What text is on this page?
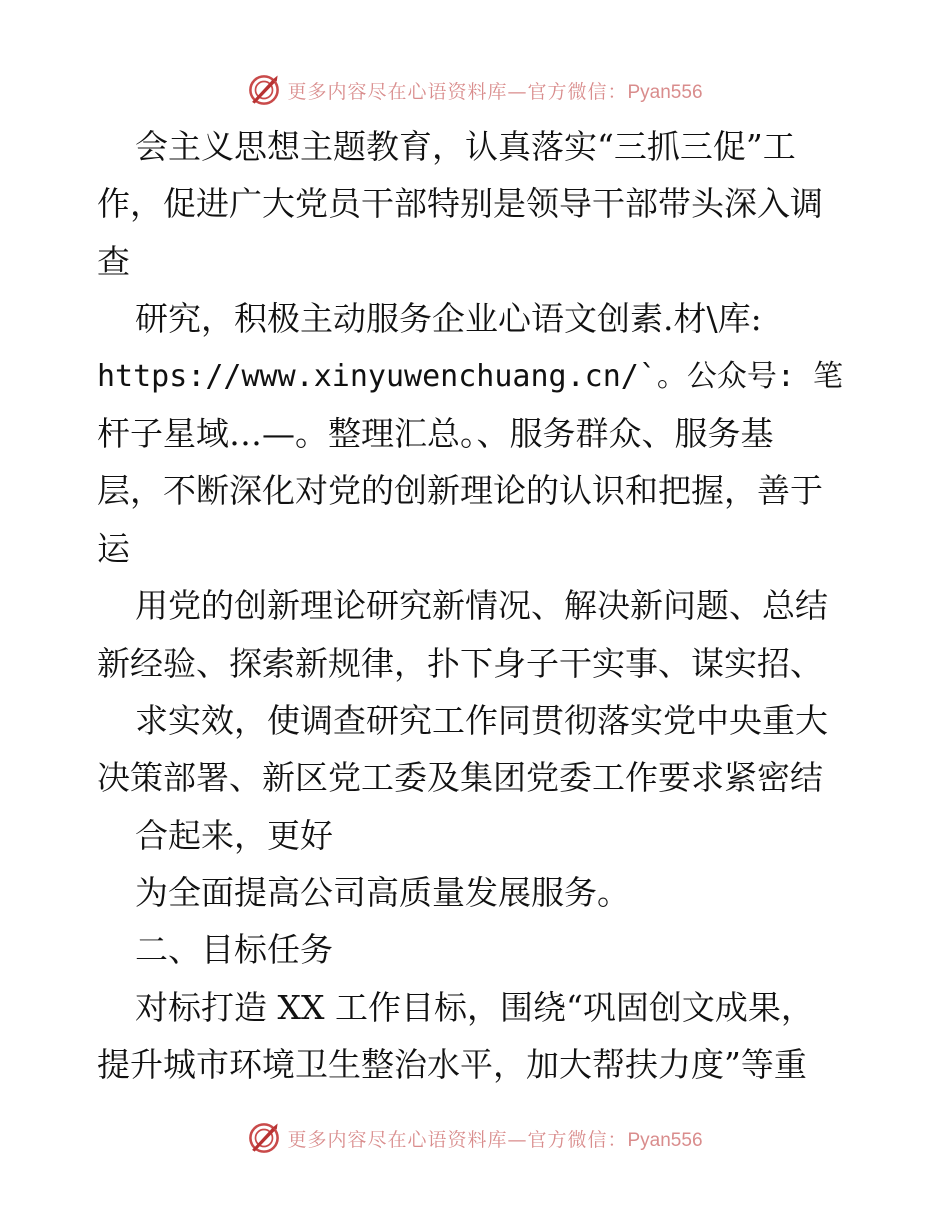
更多内容尽在心语资料库—官方微信：Pyan556
会主义思想主题教育，认真落实“三抓三促”工
作，促进广大党员干部特别是领导干部带头深入调
查
研究，积极主动服务企业心语文创素.材\库:
https://www.xinyuwenchuang.cn/`。公众号: 笔
杆子星域…—。整理汇总。、服务群众、服务基
层，不断深化对党的创新理论的认识和把握，善于
运
用党的创新理论研究新情况、解决新问题、总结
新经验、探索新规律，扑下身子干实事、谋实招、
求实效，使调查研究工作同贯彻落实党中央重大
决策部署、新区党工委及集团党委工作要求紧密结
合起来，更好
为全面提高公司高质量发展服务。
二、目标任务
对标打造 XX 工作目标，围绕“巩固创文成果，
提升城市环境卫生整治水平，加大帮扶力度”等重
更多内容尽在心语资料库—官方微信：Pyan556
